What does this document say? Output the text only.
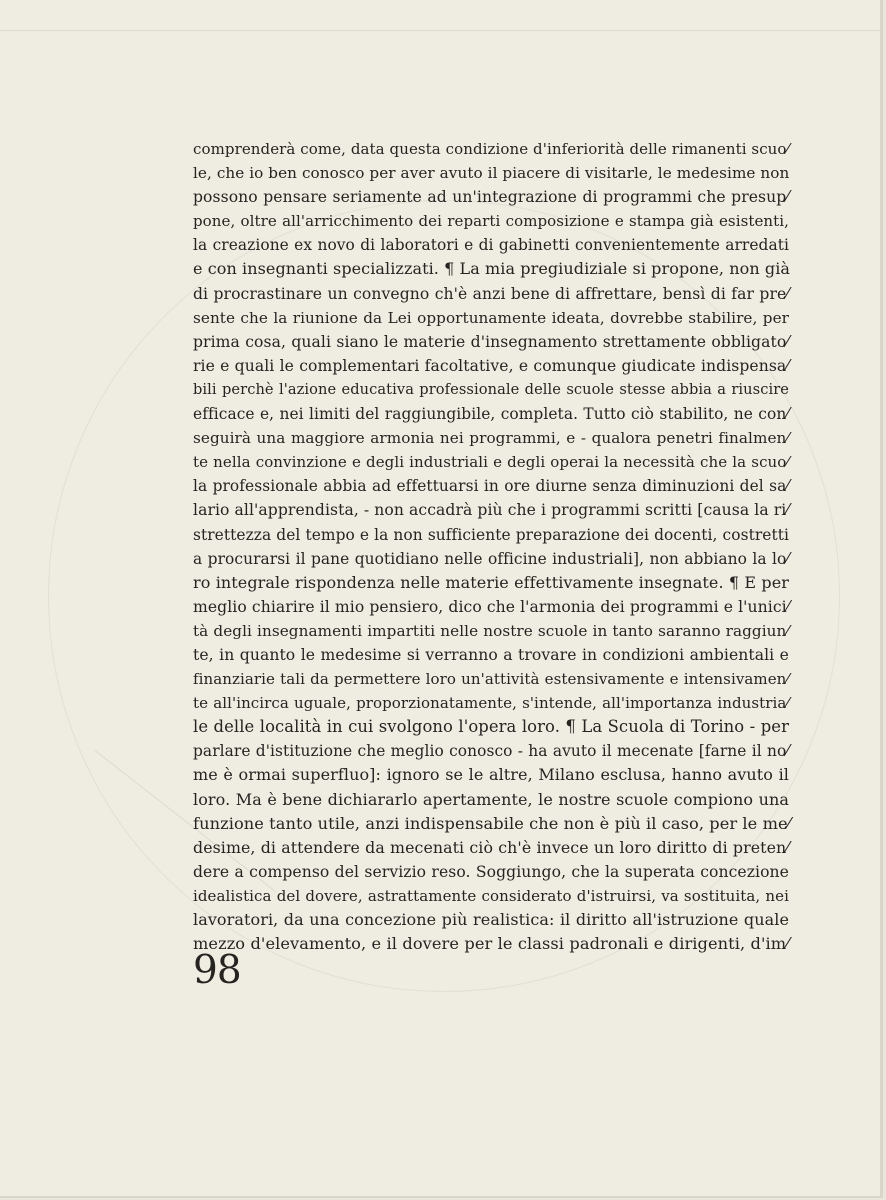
comprenderà come, data questa condizione d'inferiorità delle rimanenti scuo⁄
le, che io ben conosco per aver avuto il piacere di visitarle, le medesime non
possono pensare seriamente ad un'integrazione di programmi che presup⁄
pone, oltre all'arricchimento dei reparti composizione e stampa già esistenti,
la creazione ex novo di laboratori e di gabinetti convenientemente arredati
e con insegnanti specializzati. ¶ La mia pregiudiziale si propone, non già
di procrastinare un convegno ch'è anzi bene di affrettare, bensì di far pre⁄
sente che la riunione da Lei opportunamente ideata, dovrebbe stabilire, per
prima cosa, quali siano le materie d'insegnamento strettamente obbligato⁄
rie e quali le complementari facoltative, e comunque giudicate indispensa⁄
bili perchè l'azione educativa professionale delle scuole stesse abbia a riuscire
efficace e, nei limiti del raggiungibile, completa. Tutto ciò stabilito, ne con⁄
seguirà una maggiore armonia nei programmi, e - qualora penetri finalmen⁄
te nella convinzione e degli industriali e degli operai la necessità che la scuo⁄
la professionale abbia ad effettuarsi in ore diurne senza diminuzioni del sa⁄
lario all'apprendista, - non accadrà più che i programmi scritti [causa la ri⁄
strettezza del tempo e la non sufficiente preparazione dei docenti, costretti
a procurarsi il pane quotidiano nelle officine industriali], non abbiano la lo⁄
ro integrale rispondenza nelle materie effettivamente insegnate. ¶ E per
meglio chiarire il mio pensiero, dico che l'armonia dei programmi e l'unici⁄
tà degli insegnamenti impartiti nelle nostre scuole in tanto saranno raggiun⁄
te, in quanto le medesime si verranno a trovare in condizioni ambientali e
finanziarie tali da permettere loro un'attività estensivamente e intensivamen⁄
te all'incirca uguale, proporzionatamente, s'intende, all'importanza industria⁄
le delle località in cui svolgono l'opera loro. ¶ La Scuola di Torino - per
parlare d'istituzione che meglio conosco - ha avuto il mecenate [farne il no⁄
me è ormai superfluo]: ignoro se le altre, Milano esclusa, hanno avuto il
loro. Ma è bene dichiararlo apertamente, le nostre scuole compiono una
funzione tanto utile, anzi indispensabile che non è più il caso, per le me⁄
desime, di attendere da mecenati ciò ch'è invece un loro diritto di preten⁄
dere a compenso del servizio reso. Soggiungo, che la superata concezione
idealistica del dovere, astrattamente considerato d'istruirsi, va sostituita, nei
lavoratori, da una concezione più realistica: il diritto all'istruzione quale
mezzo d'elevamento, e il dovere per le classi padronali e dirigenti, d'im⁄
98
